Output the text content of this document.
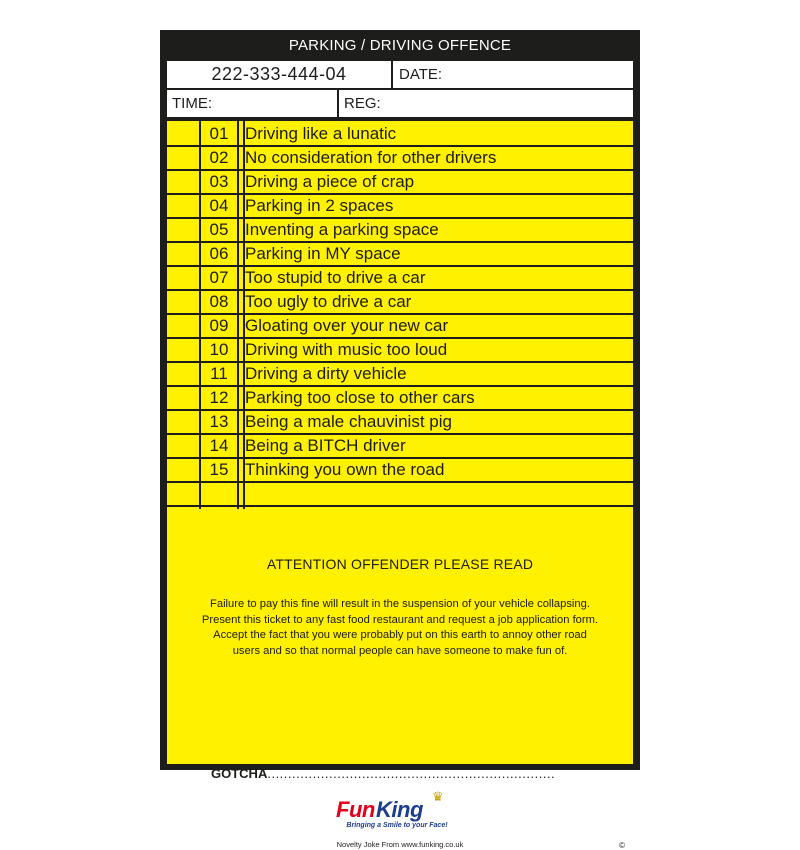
PARKING / DRIVING OFFENCE
222-333-444-04	DATE:
TIME:	REG:
01 Driving like a lunatic
02 No consideration for other drivers
03 Driving a piece of crap
04 Parking in 2 spaces
05 Inventing a parking space
06 Parking in MY space
07 Too stupid to drive a car
08 Too ugly to drive a car
09 Gloating over your new car
10 Driving with music too loud
11	Driving a dirty vehicle
12 Parking too close to other cars
13 Being a male chauvinist pig
14 Being a BITCH driver
15 Thinking you own the road
ATTENTION OFFENDER PLEASE READ
Failure to pay this fine will result in the suspension of your vehicle collapsing.
Present this ticket to any fast food restaurant and request a job application form.
Accept the fact that you were probably put on this earth to annoy other road
users and so that normal people can have someone to make fun of.
GOTCHA......................................................................
♛
Fun King
Bringing a Smile to your Face!
Novelty Joke From www.funking.co.uk	©
